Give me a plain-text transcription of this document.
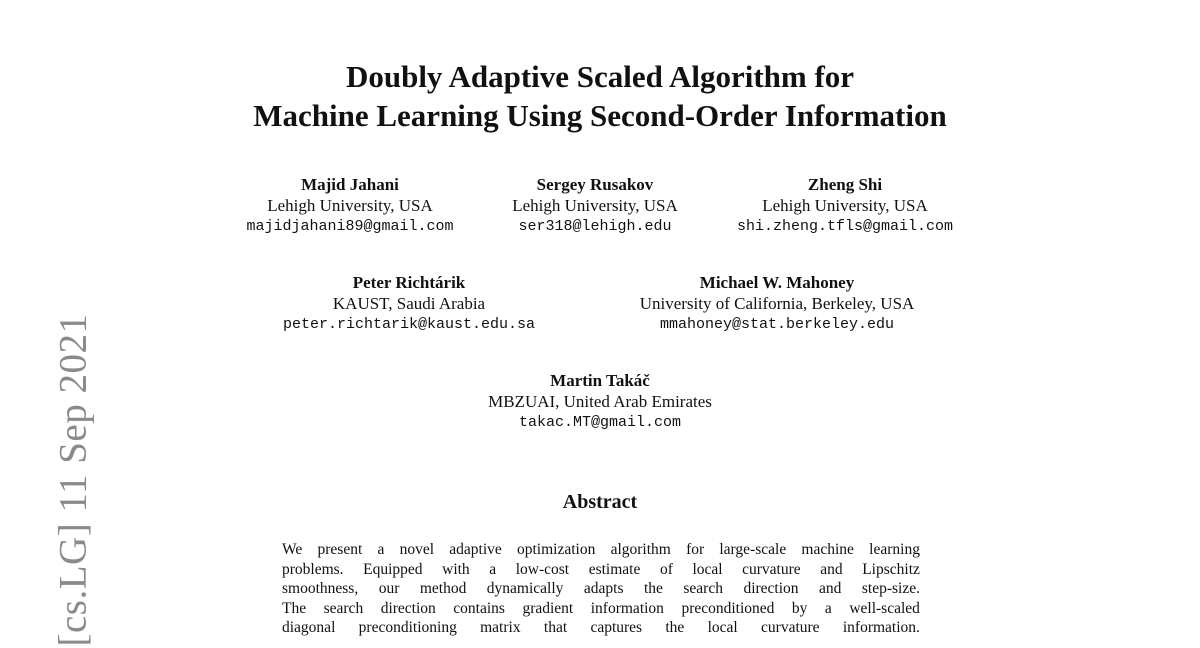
[cs.LG] 11 Sep 2021
Doubly Adaptive Scaled Algorithm for
Machine Learning Using Second-Order Information
Majid Jahani
Lehigh University, USA
majidjahani89@gmail.com
Sergey Rusakov
Lehigh University, USA
ser318@lehigh.edu
Zheng Shi
Lehigh University, USA
shi.zheng.tfls@gmail.com
Peter Richtárik
KAUST, Saudi Arabia
peter.richtarik@kaust.edu.sa
Michael W. Mahoney
University of California, Berkeley, USA
mmahoney@stat.berkeley.edu
Martin Takáč
MBZUAI, United Arab Emirates
takac.MT@gmail.com
Abstract
We present a novel adaptive optimization algorithm for large-scale machine learning
problems. Equipped with a low-cost estimate of local curvature and Lipschitz
smoothness, our method dynamically adapts the search direction and step-size.
The search direction contains gradient information preconditioned by a well-scaled
diagonal preconditioning matrix that captures the local curvature information.
